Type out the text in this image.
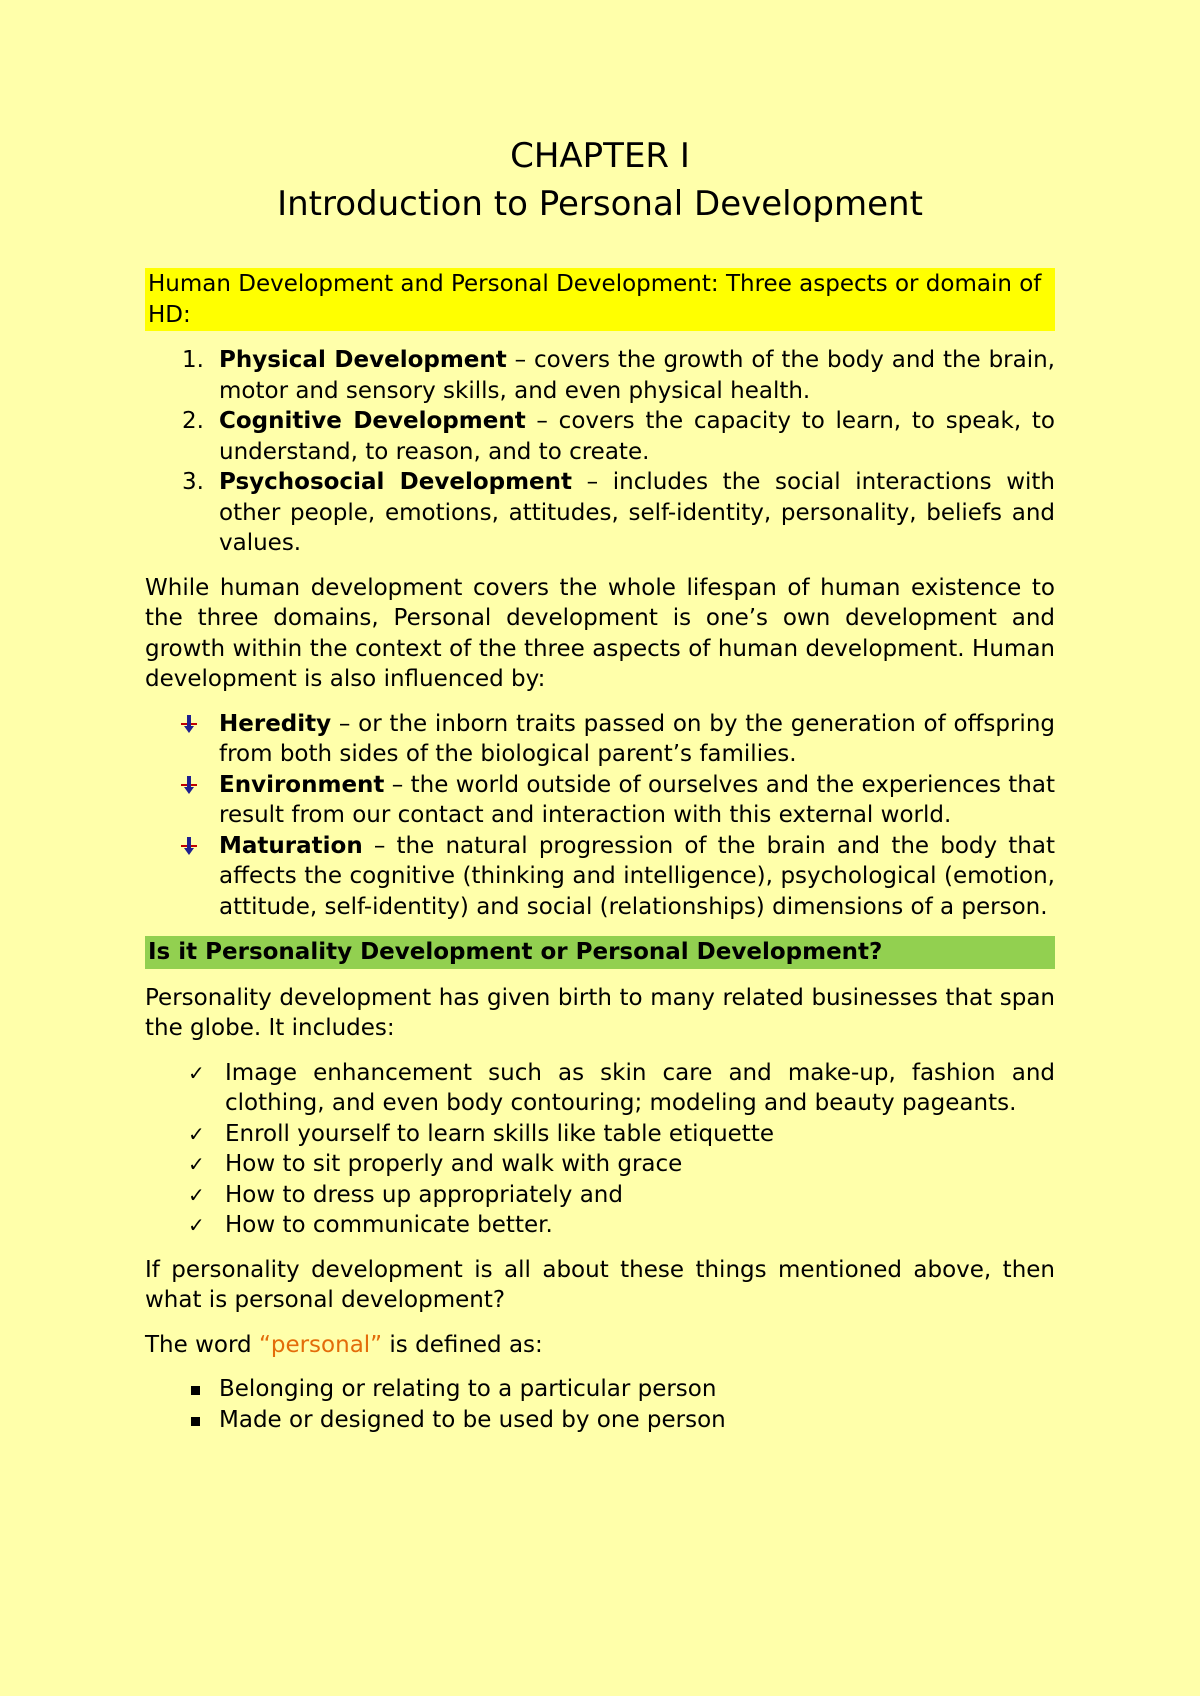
CHAPTER I
Introduction to Personal Development

Human Development and Personal Development: Three aspects or domain of HD:

1. Physical Development – covers the growth of the body and the brain, motor and sensory skills, and even physical health.
2. Cognitive Development – covers the capacity to learn, to speak, to understand, to reason, and to create.
3. Psychosocial Development – includes the social interactions with other people, emotions, attitudes, self-identity, personality, beliefs and values.

While human development covers the whole lifespan of human existence to the three domains, Personal development is one’s own development and growth within the context of the three aspects of human development. Human development is also influenced by:

Heredity – or the inborn traits passed on by the generation of offspring from both sides of the biological parent’s families.
Environment – the world outside of ourselves and the experiences that result from our contact and interaction with this external world.
Maturation – the natural progression of the brain and the body that affects the cognitive (thinking and intelligence), psychological (emotion, attitude, self-identity) and social (relationships) dimensions of a person.

Is it Personality Development or Personal Development?

Personality development has given birth to many related businesses that span the globe. It includes:

✓ Image enhancement such as skin care and make-up, fashion and clothing, and even body contouring; modeling and beauty pageants.
✓ Enroll yourself to learn skills like table etiquette
✓ How to sit properly and walk with grace
✓ How to dress up appropriately and
✓ How to communicate better.

If personality development is all about these things mentioned above, then what is personal development?

The word “personal” is defined as:

Belonging or relating to a particular person
Made or designed to be used by one person
